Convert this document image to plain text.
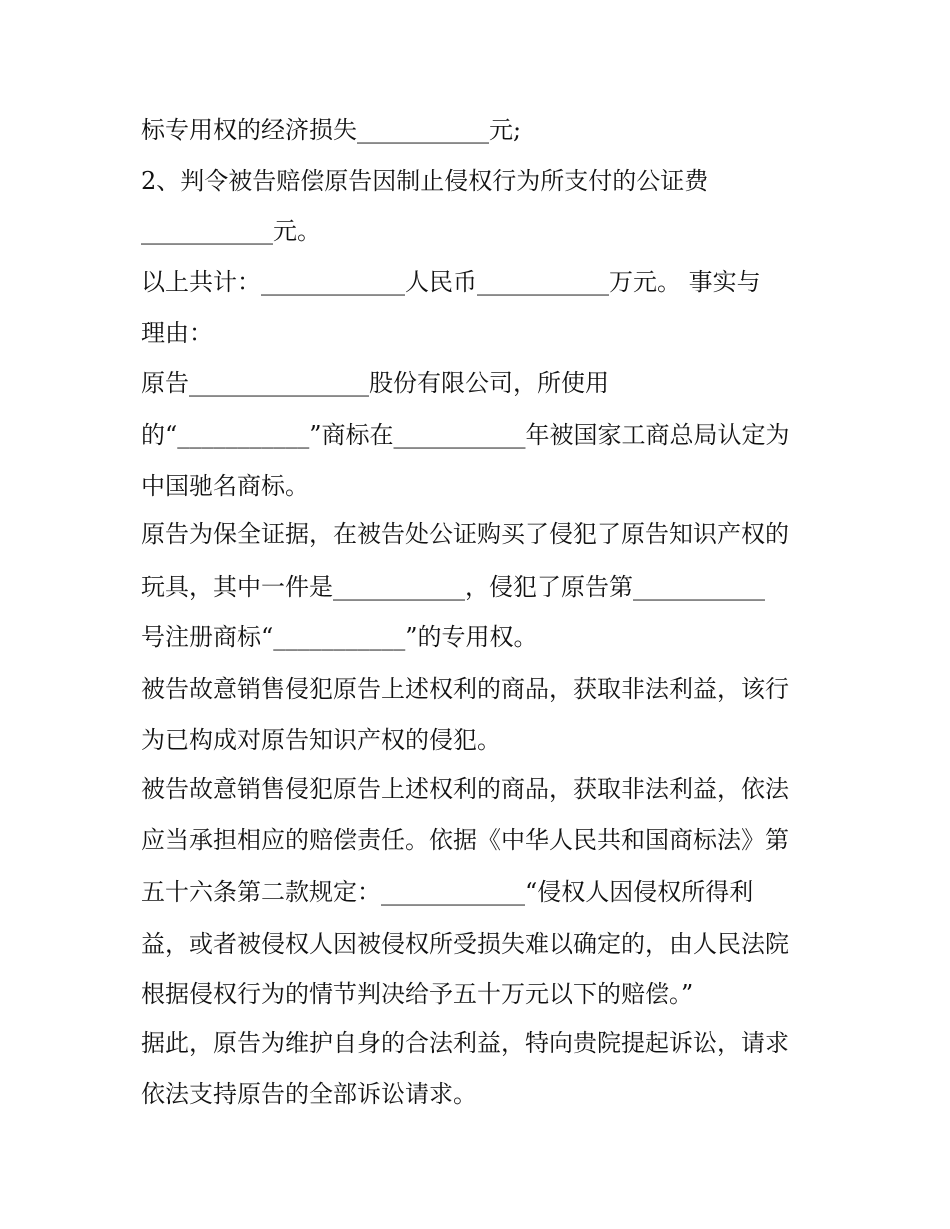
标专用权的经济损失___________元;
2、判令被告赔偿原告因制止侵权行为所支付的公证费
___________元。
以上共计：____________人民币___________万元。 事实与
理由：
原告_______________股份有限公司，所使用
的“___________”商标在___________年被国家工商总局认定为
中国驰名商标。
原告为保全证据，在被告处公证购买了侵犯了原告知识产权的
玩具，其中一件是___________，侵犯了原告第___________
号注册商标“___________”的专用权。
被告故意销售侵犯原告上述权利的商品，获取非法利益，该行
为已构成对原告知识产权的侵犯。
被告故意销售侵犯原告上述权利的商品，获取非法利益，依法
应当承担相应的赔偿责任。依据《中华人民共和国商标法》第
五十六条第二款规定：____________“侵权人因侵权所得利
益，或者被侵权人因被侵权所受损失难以确定的，由人民法院
根据侵权行为的情节判决给予五十万元以下的赔偿。”
据此，原告为维护自身的合法利益，特向贵院提起诉讼，请求
依法支持原告的全部诉讼请求。
